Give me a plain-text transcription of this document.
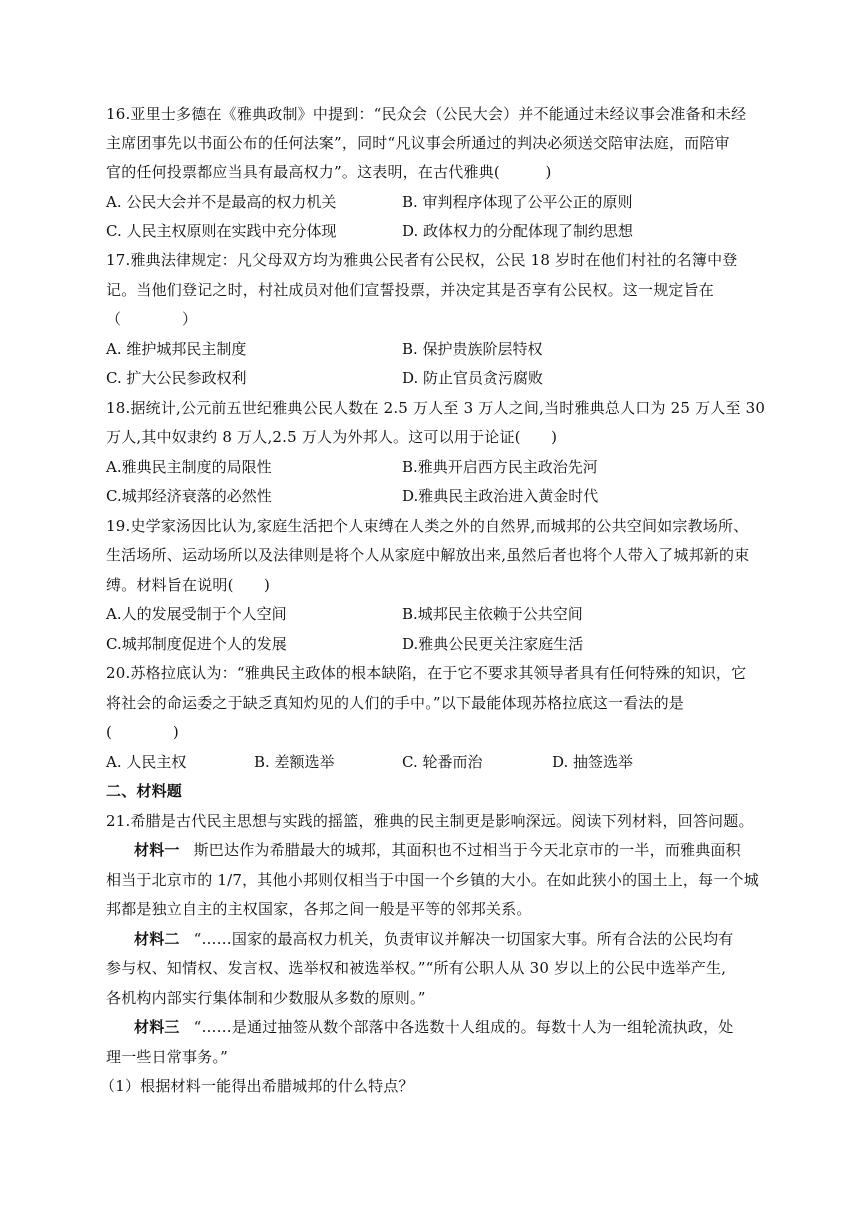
16.亚里士多德在《雅典政制》中提到：“民众会（公民大会）并不能通过未经议事会准备和未经
主席团事先以书面公布的任何法案”，同时“凡议事会所通过的判决必须送交陪审法庭，而陪审
官的任何投票都应当具有最高权力”。这表明，在古代雅典(　　　)
A. 公民大会并不是最高的权力机关	B. 审判程序体现了公平公正的原则
C. 人民主权原则在实践中充分体现	D. 政体权力的分配体现了制约思想
17.雅典法律规定：凡父母双方均为雅典公民者有公民权，公民 18 岁时在他们村社的名簿中登
记。当他们登记之时，村社成员对他们宣誓投票，并决定其是否享有公民权。这一规定旨在
（　　　　）
A. 维护城邦民主制度	B. 保护贵族阶层特权
C. 扩大公民参政权利	D. 防止官员贪污腐败
18.据统计,公元前五世纪雅典公民人数在 2.5 万人至 3 万人之间,当时雅典总人口为 25 万人至 30
万人,其中奴隶约 8 万人,2.5 万人为外邦人。这可以用于论证(　　)
A.雅典民主制度的局限性	B.雅典开启西方民主政治先河
C.城邦经济衰落的必然性	D.雅典民主政治进入黄金时代
19.史学家汤因比认为,家庭生活把个人束缚在人类之外的自然界,而城邦的公共空间如宗教场所、
生活场所、运动场所以及法律则是将个人从家庭中解放出来,虽然后者也将个人带入了城邦新的束
缚。材料旨在说明(　　)
A.人的发展受制于个人空间	B.城邦民主依赖于公共空间
C.城邦制度促进个人的发展	D.雅典公民更关注家庭生活
20.苏格拉底认为：“雅典民主政体的根本缺陷，在于它不要求其领导者具有任何特殊的知识，它
将社会的命运委之于缺乏真知灼见的人们的手中。”以下最能体现苏格拉底这一看法的是
(　　　　)
A. 人民主权	B. 差额选举	C. 轮番而治	D. 抽签选举
二、材料题
21.希腊是古代民主思想与实践的摇篮，雅典的民主制更是影响深远。阅读下列材料，回答问题。
材料一 斯巴达作为希腊最大的城邦，其面积也不过相当于今天北京市的一半，而雅典面积
相当于北京市的 1/7，其他小邦则仅相当于中国一个乡镇的大小。在如此狭小的国土上，每一个城
邦都是独立自主的主权国家，各邦之间一般是平等的邻邦关系。
材料二 “……国家的最高权力机关，负责审议并解决一切国家大事。所有合法的公民均有
参与权、知情权、发言权、选举权和被选举权。”“所有公职人从 30 岁以上的公民中选举产生,
各机构内部实行集体制和少数服从多数的原则。”
材料三 “……是通过抽签从数个部落中各选数十人组成的。每数十人为一组轮流执政，处
理一些日常事务。”
（1）根据材料一能得出希腊城邦的什么特点？
